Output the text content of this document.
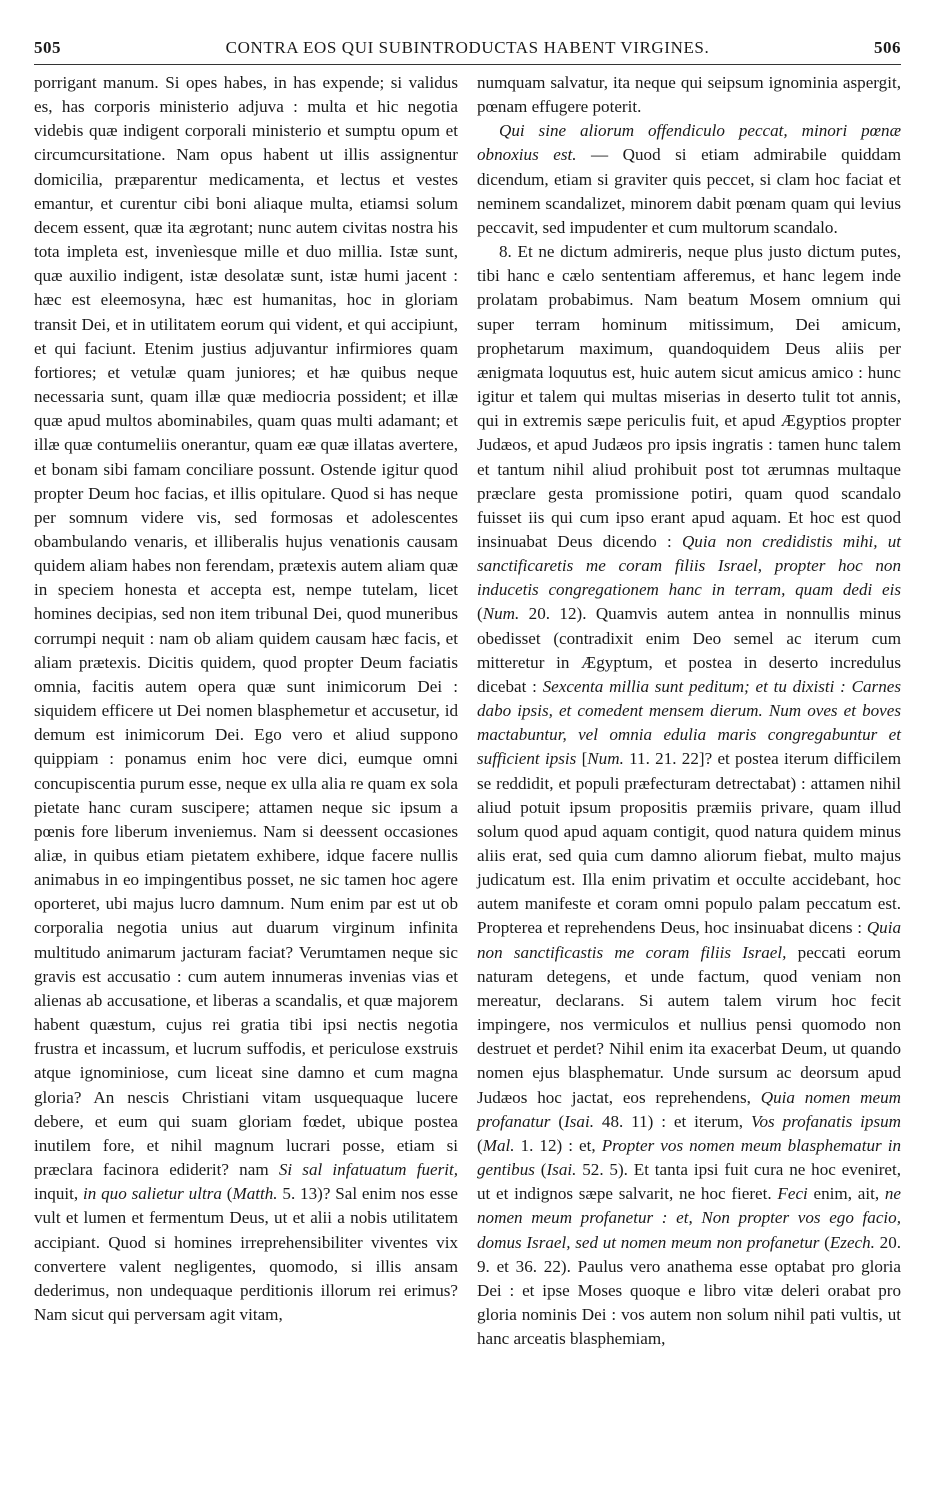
505	CONTRA EOS QUI SUBINTRODUCTAS HABENT VIRGINES.	506

porrigant manum. Si opes habes, in has expende; si validus es, has corporis ministerio adjuva : multa et hic negotia videbis quæ indigent corporali ministerio et sumptu opum et circumcursitatione. Nam opus habent ut illis assignentur domicilia, præparentur medicamenta, et lectus et vestes emantur, et curentur cibi boni aliaque multa, etiamsi solum decem essent, quæ ita ægrotant; nunc autem civitas nostra his tota impleta est, invenìesque mille et duo millia. Istæ sunt, quæ auxilio indigent, istæ desolatæ sunt, istæ humi jacent : hæc est eleemosyna, hæc est humanitas, hoc in gloriam transit Dei, et in utilitatem eorum qui vident, et qui accipiunt, et qui faciunt. Etenim justius adjuvantur infirmiores quam fortiores; et vetulæ quam juniores; et hæ quibus neque necessaria sunt, quam illæ quæ mediocria possident; et illæ quæ apud multos abominabiles, quam quas multi adamant; et illæ quæ contumeliis onerantur, quam eæ quæ illatas avertere, et bonam sibi famam conciliare possunt. Ostende igitur quod propter Deum hoc facias, et illis opitulare. Quod si has neque per somnum videre vis, sed formosas et adolescentes obambulando venaris, et illiberalis hujus venationis causam quidem aliam habes non ferendam, prætexis autem aliam quæ in speciem honesta et accepta est, nempe tutelam, licet homines decipias, sed non item tribunal Dei, quod muneribus corrumpi nequit : nam ob aliam quidem causam hæc facis, et aliam prætexis. Dicitis quidem, quod propter Deum faciatis omnia, facitis autem opera quæ sunt inimicorum Dei : siquidem efficere ut Dei nomen blasphemetur et accusetur, id demum est inimicorum Dei. Ego vero et aliud suppono quippiam : ponamus enim hoc vere dici, eumque omni concupiscentia purum esse, neque ex ulla alia re quam ex sola pietate hanc curam suscipere; attamen neque sic ipsum a pœnis fore liberum inveniemus. Nam si deessent occasiones aliæ, in quibus etiam pietatem exhibere, idque facere nullis animabus in eo impingentibus posset, ne sic tamen hoc agere oporteret, ubi majus lucro damnum. Num enim par est ut ob corporalia negotia unius aut duarum virginum infinita multitudo animarum jacturam faciat? Verumtamen neque sic gravis est accusatio : cum autem innumeras invenias vias et alienas ab accusatione, et liberas a scandalis, et quæ majorem habent quæstum, cujus rei gratia tibi ipsi nectis negotia frustra et incassum, et lucrum suffodis, et periculose exstruis atque ignominiose, cum liceat sine damno et cum magna gloria? An nescis Christiani vitam usquequaque lucere debere, et eum qui suam gloriam fœdet, ubique postea inutilem fore, et nihil magnum lucrari posse, etiam si præclara facinora ediderit? nam Si sal infatuatum fuerit, inquit, in quo salietur ultra (Matth. 5. 13)? Sal enim nos esse vult et lumen et fermentum Deus, ut et alii a nobis utilitatem accipiant. Quod si homines irreprehensibiliter viventes vix convertere valent negligentes, quomodo, si illis ansam dederimus, non undequaque perditionis illorum rei erimus? Nam sicut qui perversam agit vitam,

numquam salvatur, ita neque qui seipsum ignominia aspergit, pœnam effugere poterit.

Qui sine aliorum offendiculo peccat, minori pœnæ obnoxius est. — Quod si etiam admirabile quiddam dicendum, etiam si graviter quis peccet, si clam hoc faciat et neminem scandalizet, minorem dabit pœnam quam qui levius peccavit, sed impudenter et cum multorum scandalo.

8. Et ne dictum admireris, neque plus justo dictum putes, tibi hanc e cælo sententiam afferemus, et hanc legem inde prolatam probabimus. Nam beatum Mosem omnium qui super terram hominum mitissimum, Dei amicum, prophetarum maximum, quandoquidem Deus aliis per ænigmata loquutus est, huic autem sicut amicus amico : hunc igitur et talem qui multas miserias in deserto tulit tot annis, qui in extremis sæpe periculis fuit, et apud Ægyptios propter Judæos, et apud Judæos pro ipsis ingratis : tamen hunc talem et tantum nihil aliud prohibuit post tot ærumnas multaque præclare gesta promissione potiri, quam quod scandalo fuisset iis qui cum ipso erant apud aquam. Et hoc est quod insinuabat Deus dicendo : Quia non credidistis mihi, ut sanctificaretis me coram filiis Israel, propter hoc non inducetis congregationem hanc in terram, quam dedi eis (Num. 20. 12). Quamvis autem antea in nonnullis minus obedisset (contradixit enim Deo semel ac iterum cum mitteretur in Ægyptum, et postea in deserto incredulus dicebat : Sexcenta millia sunt peditum; et tu dixisti : Carnes dabo ipsis, et comedent mensem dierum. Num oves et boves mactabuntur, vel omnia edulia maris congregabuntur et sufficient ipsis [Num. 11. 21. 22]? et postea iterum difficilem se reddidit, et populi præfecturam detrectabat) : attamen nihil aliud potuit ipsum propositis præmiis privare, quam illud solum quod apud aquam contigit, quod natura quidem minus aliis erat, sed quia cum damno aliorum fiebat, multo majus judicatum est. Illa enim privatim et occulte accidebant, hoc autem manifeste et coram omni populo palam peccatum est. Propterea et reprehendens Deus, hoc insinuabat dicens : Quia non sanctificastis me coram filiis Israel, peccati eorum naturam detegens, et unde factum, quod veniam non mereatur, declarans. Si autem talem virum hoc fecit impingere, nos vermiculos et nullius pensi quomodo non destruet et perdet? Nihil enim ita exacerbat Deum, ut quando nomen ejus blasphematur. Unde sursum ac deorsum apud Judæos hoc jactat, eos reprehendens, Quia nomen meum profanatur (Isai. 48. 11) : et iterum, Vos profanatis ipsum (Mal. 1. 12) : et, Propter vos nomen meum blasphematur in gentibus (Isai. 52. 5). Et tanta ipsi fuit cura ne hoc eveniret, ut et indignos sæpe salvarit, ne hoc fieret. Feci enim, ait, ne nomen meum profanetur : et, Non propter vos ego facio, domus Israel, sed ut nomen meum non profanetur (Ezech. 20. 9. et 36. 22). Paulus vero anathema esse optabat pro gloria Dei : et ipse Moses quoque e libro vitæ deleri orabat pro gloria nominis Dei : vos autem non solum nihil pati vultis, ut hanc arceatis blasphemiam,
